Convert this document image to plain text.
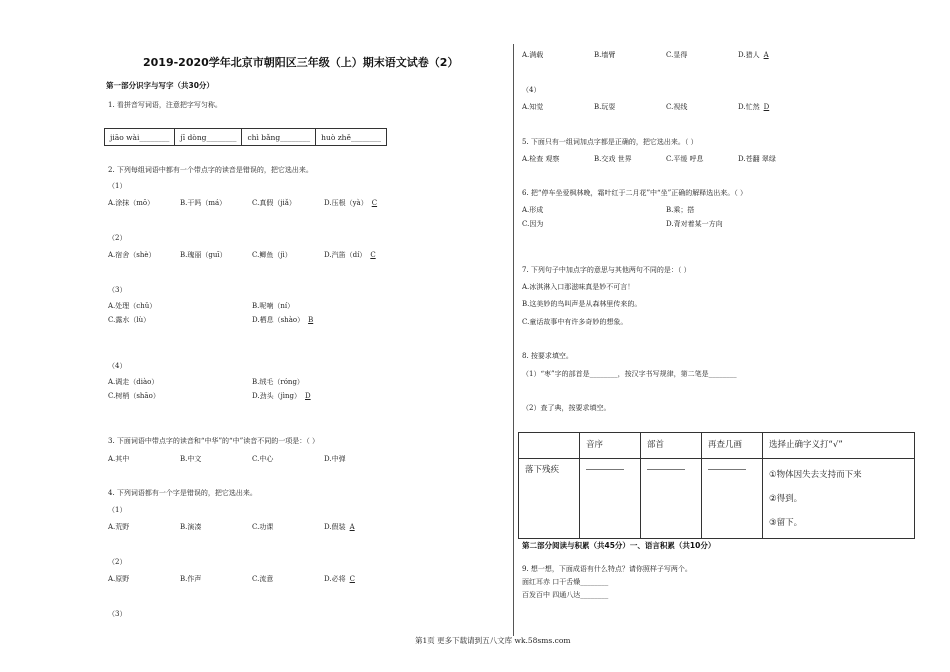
2019-2020学年北京市朝阳区三年级（上）期末语文试卷（2）
第一部分识字与写字（共30分）
1. 看拼音写词语，注意把字写匀称。
jiāo wài________	jī dòng________	chì bǎng________	huò zhě________
2. 下列每组词语中都有一个带点字的读音是错误的，把它选出来。
（1）
A.涂抹（mō）	B.干吗（má）	C.真假（jiǎ）	D.压根（yà） C
（2）
A.宿舍（shè）	B.瑰丽（guī）	C.鲫鱼（jì）	D.汽笛（dí） C
（3）
A.处理（chǔ）	B.呢喃（ní）
C.露水（lù）	D.栖息（shào） B
（4）
A.调走（diào）	B.绒毛（róng）
C.树梢（shāo）	D.劲头（jìng） D
3. 下面词语中带点字的读音和“中华”的“中”读音不同的一项是：（ ）
A.其中	B.中文	C.中心	D.中弹
4. 下列词语都有一个字是错误的，把它选出来。
（1）
A.荒野	B.演凑	C.功课	D.假装 A
（2）
A.原野	B.作声	C.流意	D.必将 C
（3）
A.满载	B.墙臂	C.显得	D.猎人 A
（4）
A.知觉	B.玩耍	C.视线	D.忙然 D
5. 下面只有一组词加点字都是正确的，把它选出来。（ ）
A.检查 观察	B.交戏 世界	C.平缓 呼息	D.苍翻 翠绿
6. 把“停车坐爱枫林晚，霜叶红于二月花”中“坐”正确的解释选出来。（ ）
A.形成	B.乘；搭
C.因为	D.背对着某一方向
7. 下列句子中加点字的意思与其他两句不同的是：（ ）
A.冰淇淋入口那滋味真是妙不可言！
B.这美妙的鸟叫声是从森林里传来的。
C.童话故事中有许多奇妙的想象。
8. 按要求填空。
（1）“枣”字的部首是________，按汉字书写规律，第二笔是________
（2）查了典，按要求填空。
	音序	部首	再查几画	选择止确字义打“√”
落下残疾				①物体因失去支持而下来
②得到。
③留下。
第二部分阅读与积累（共45分）一、语言积累（共10分）
9. 想一想，下面成语有什么特点？请你照样子写两个。
面红耳赤 口干舌燥________
百发百中 四通八达________
第1页 更多下载请到五八文库 wk.58sms.com
